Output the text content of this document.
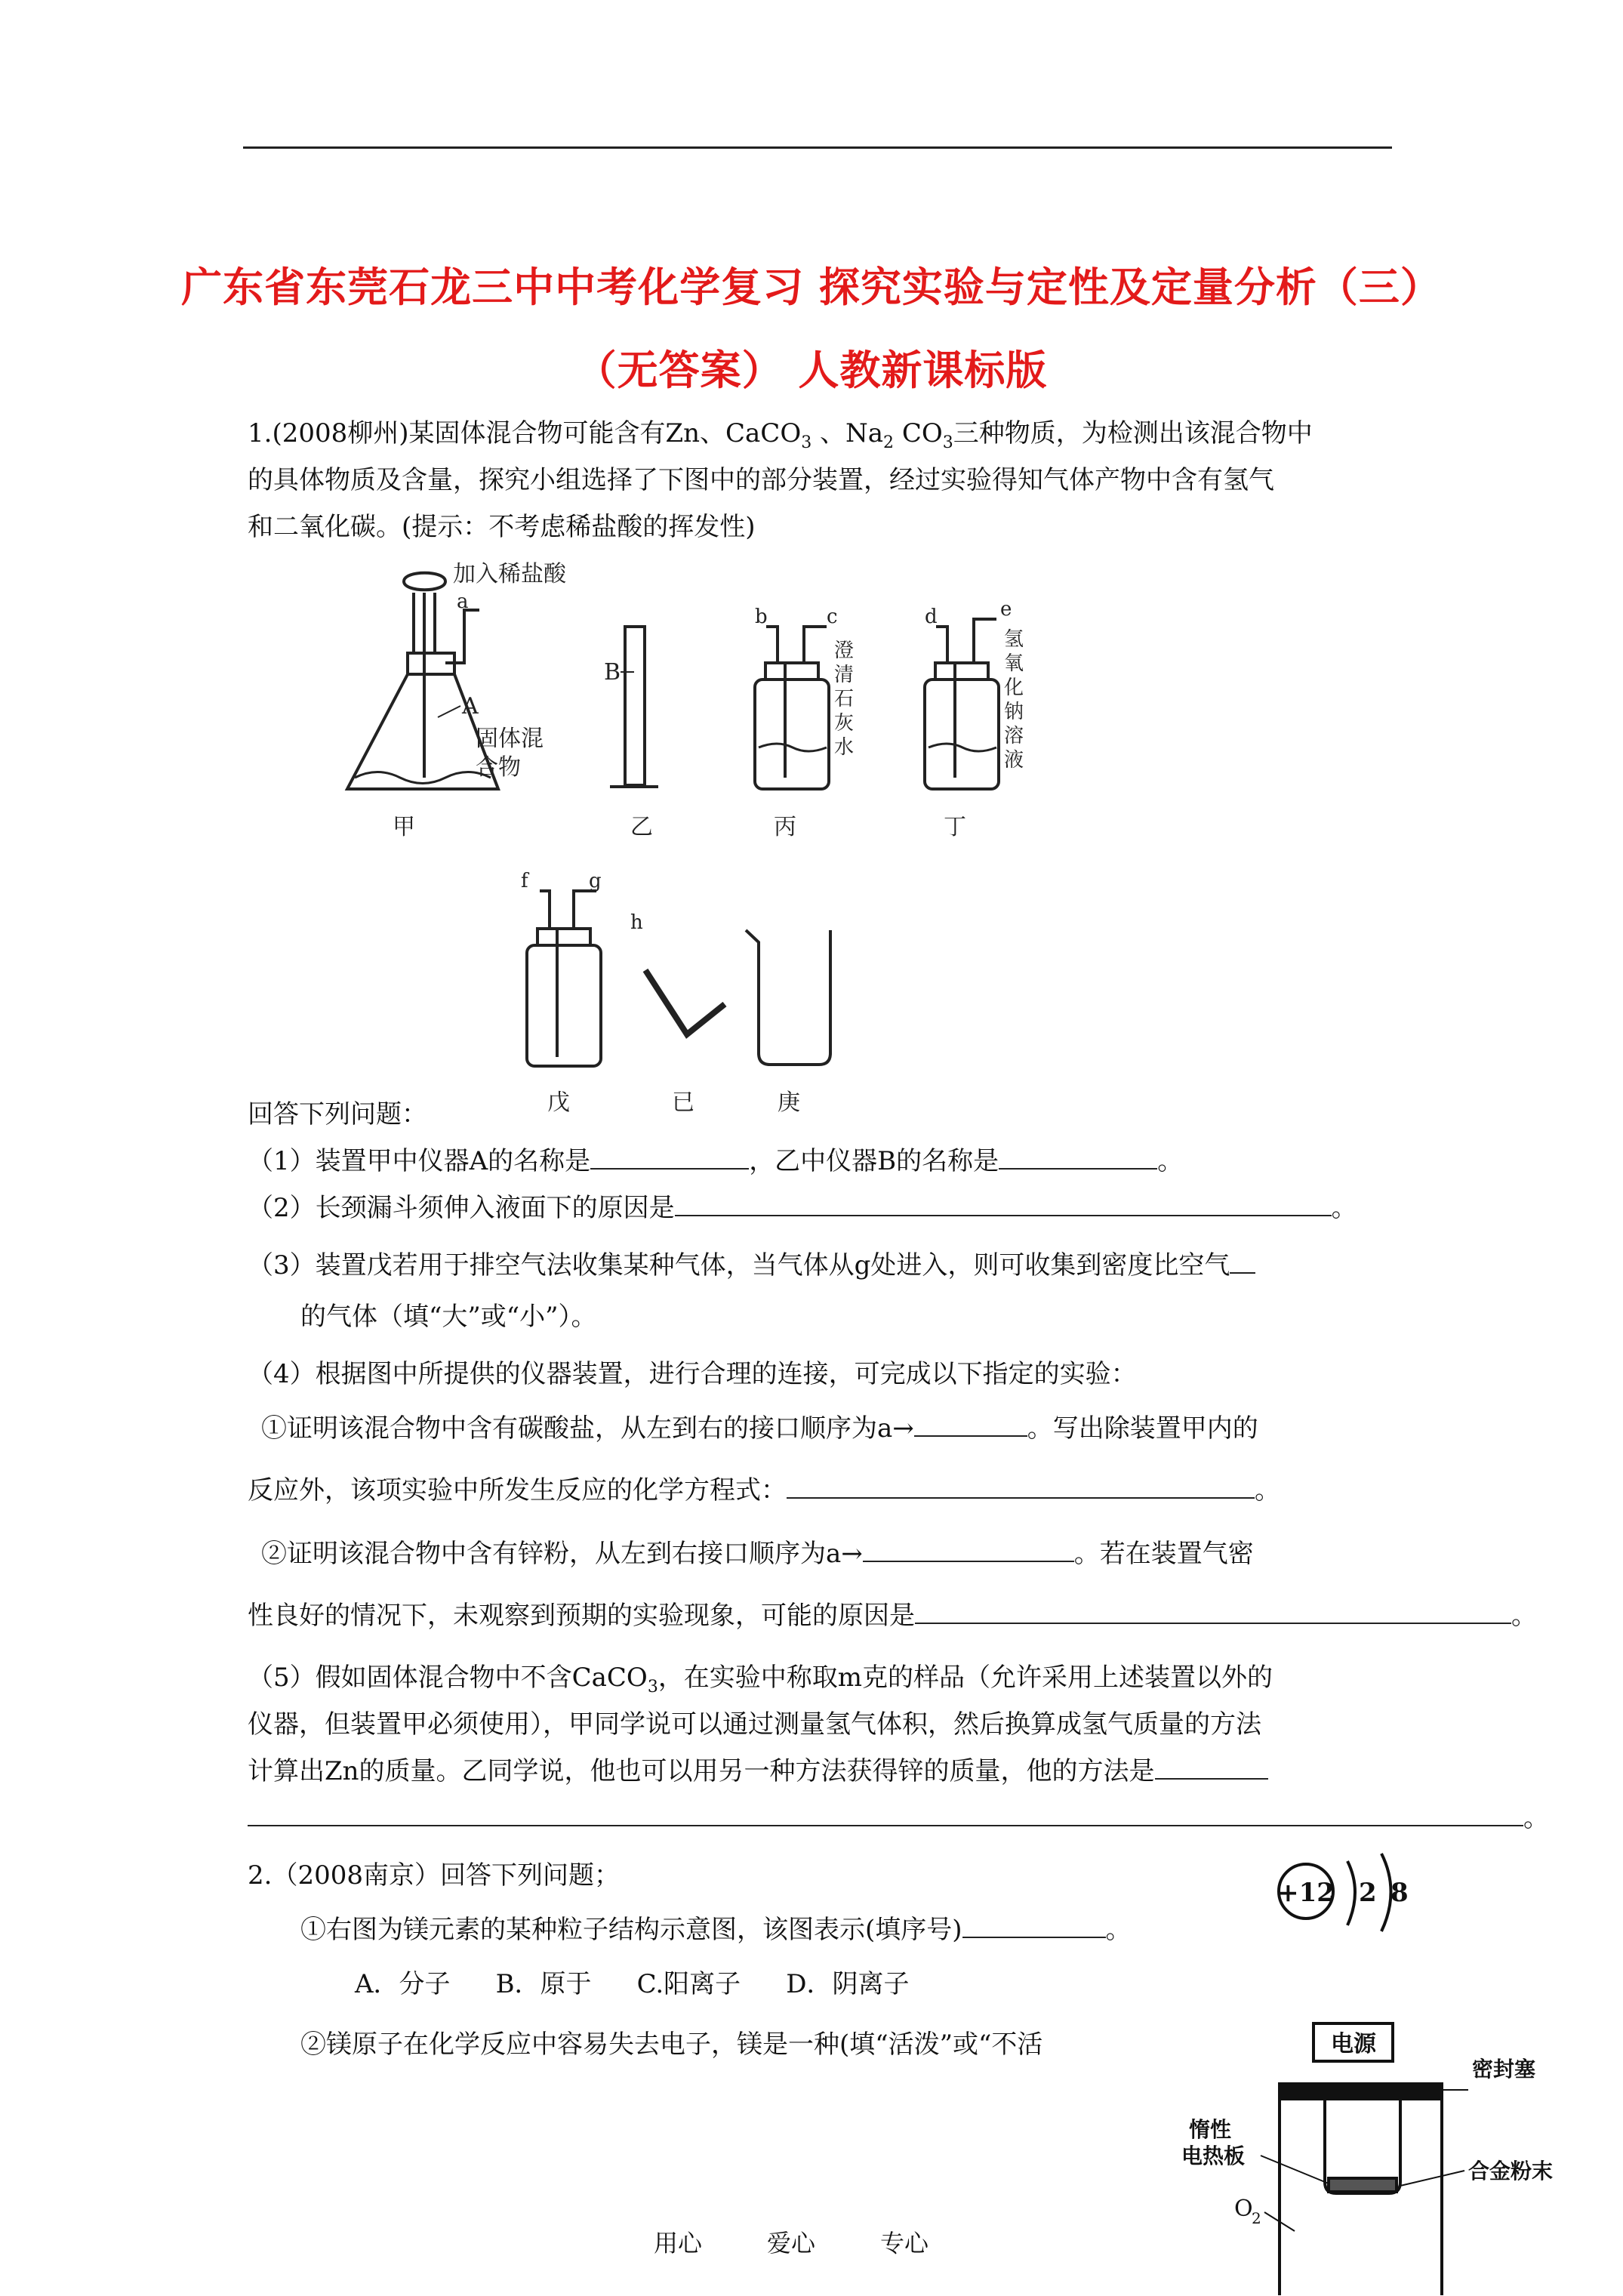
广东省东莞石龙三中中考化学复习 探究实验与定性及定量分析（三）
（无答案） 人教新课标版
1.(2008柳州)某固体混合物可能含有Zn、CaCO$_3$ 、$Na_2$ $CO_3$三种物质，为检测出该混合物中
的具体物质及含量，探究小组选择了下图中的部分装置，经过实验得知气体产物中含有氢气
和二氧化碳。(提示：不考虑稀盐酸的挥发性)
加入稀盐酸
a
A
固体混
合物
甲
B
乙
b	c
澄
清
石
灰
水
丙
d	e
氢
氧
化
钠
溶
液
丁
f	g
戊
h
已	庚
回答下列问题：
（1）装置甲中仪器A的名称是	，乙中仪器B的名称是	。
（2）长颈漏斗须伸入液面下的原因是	。
（3）装置戊若用于排空气法收集某种气体，当气体从g处进入，则可收集到密度比空气
的气体（填“大”或“小”）。
（4）根据图中所提供的仪器装置，进行合理的连接，可完成以下指定的实验：
①证明该混合物中含有碳酸盐，从左到右的接口顺序为a→	。写出除装置甲内的
反应外，该项实验中所发生反应的化学方程式：	。
②证明该混合物中含有锌粉，从左到右接口顺序为a→	。若在装置气密
性良好的情况下，未观察到预期的实验现象，可能的原因是	。
（5）假如固体混合物中不含CaCO$_3$，在实验中称取m克的样品（允许采用上述装置以外的
仪器，但装置甲必须使用），甲同学说可以通过测量氢气体积，然后换算成氢气质量的方法
计算出Zn的质量。乙同学说，他也可以用另一种方法获得锌的质量，他的方法是
。
2.（2008南京）回答下列问题；
①右图为镁元素的某种粒子结构示意图，该图表示(填序号)	。
A．分子 B．原于 C.阳离子 D．阴离子
②镁原子在化学反应中容易失去电子，镁是一种(填“活泼”或“不活
+12 2 8
电源
密封塞
合金粉末
惰性
电热板
O
2
用心	爱心	专心
